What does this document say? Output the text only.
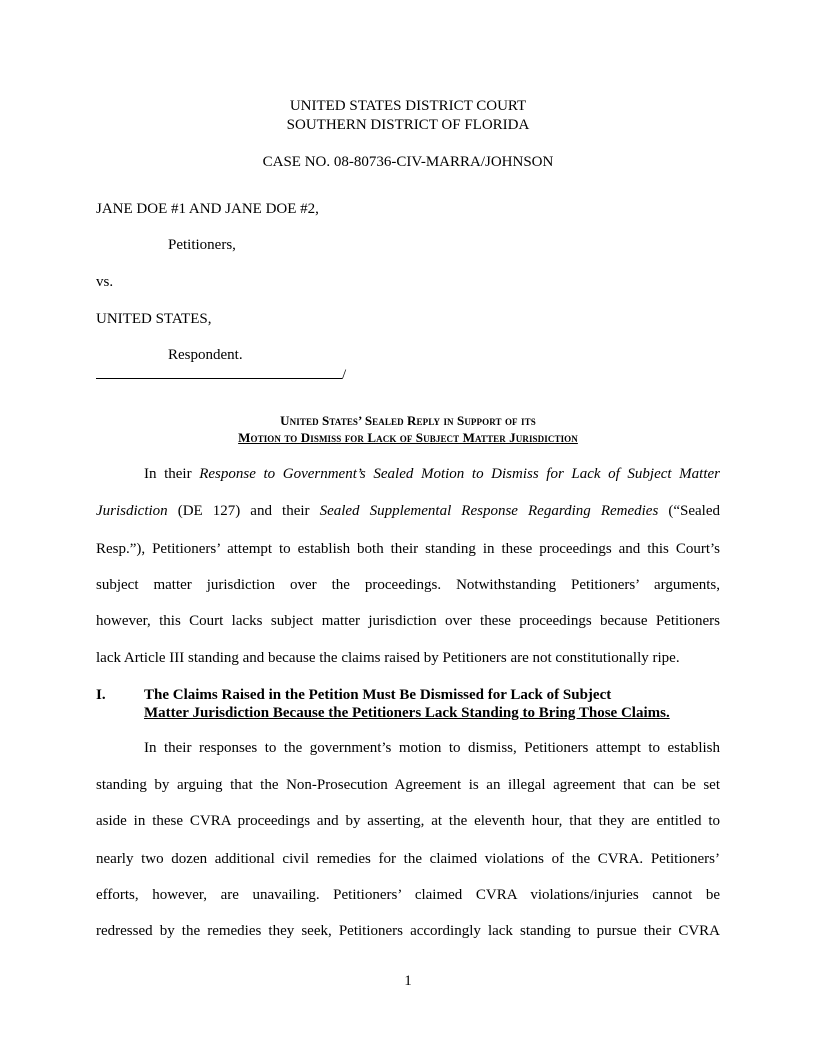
UNITED STATES DISTRICT COURT
SOUTHERN DISTRICT OF FLORIDA
CASE NO. 08-80736-CIV-MARRA/JOHNSON
JANE DOE #1 AND JANE DOE #2,
Petitioners,
vs.
UNITED STATES,
Respondent.
/
United States’ Sealed Reply in Support of its
Motion to Dismiss for Lack of Subject Matter Jurisdiction
In their Response to Government’s Sealed Motion to Dismiss for Lack of Subject Matter
Jurisdiction (DE 127) and their Sealed Supplemental Response Regarding Remedies (“Sealed
Resp.”), Petitioners’ attempt to establish both their standing in these proceedings and this Court’s
subject matter jurisdiction over the proceedings. Notwithstanding Petitioners’ arguments,
however, this Court lacks subject matter jurisdiction over these proceedings because Petitioners
lack Article III standing and because the claims raised by Petitioners are not constitutionally ripe.
I.	The Claims Raised in the Petition Must Be Dismissed for Lack of Subject
Matter Jurisdiction Because the Petitioners Lack Standing to Bring Those Claims.
In their responses to the government’s motion to dismiss, Petitioners attempt to establish
standing by arguing that the Non-Prosecution Agreement is an illegal agreement that can be set
aside in these CVRA proceedings and by asserting, at the eleventh hour, that they are entitled to
nearly two dozen additional civil remedies for the claimed violations of the CVRA. Petitioners’
efforts, however, are unavailing. Petitioners’ claimed CVRA violations/injuries cannot be
redressed by the remedies they seek, Petitioners accordingly lack standing to pursue their CVRA
1
